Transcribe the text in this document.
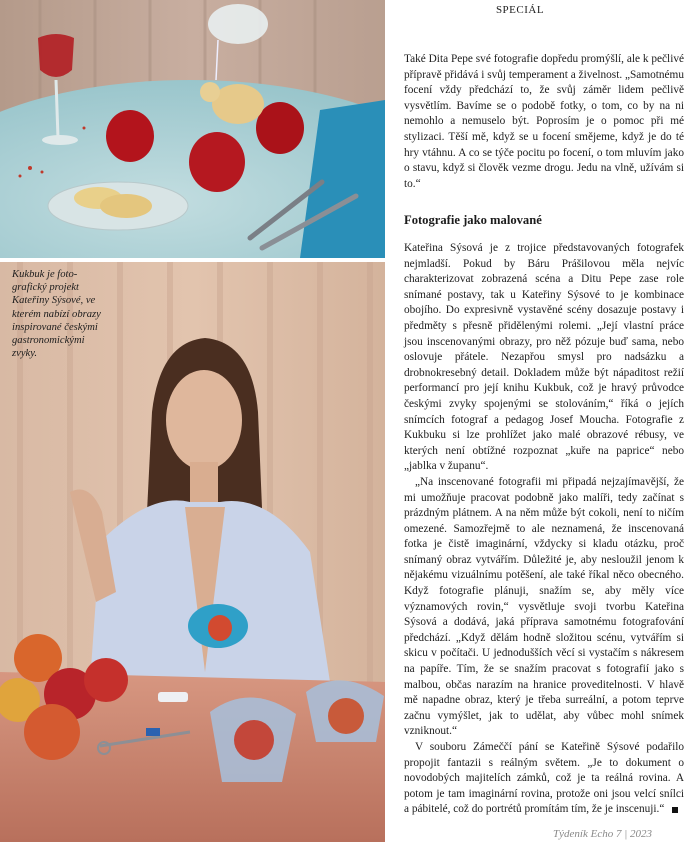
SPECIÁL
Kukbuk je foto-grafický projekt Kateřiny Sýsové, ve kterém nabízí obrazy inspirované českými gastronomickými zvyky.

Také Dita Pepe své fotografie dopředu promýšlí, ale k pečlivé přípravě přidává i svůj temperament a živelnost. „Samotnému focení vždy předchází to, že svůj záměr lidem pečlivě vysvětlím. Bavíme se o podobě fotky, o tom, co by na ni nemohlo a nemuselo být. Poprosím je o pomoc při mé stylizaci. Těší mě, když se u focení smějeme, když je do té hry vtáhnu. A co se týče pocitu po focení, o tom mluvím jako o stavu, když si člověk vezme drogu. Jedu na vlně, užívám si to.“

Fotografie jako malované

Kateřina Sýsová je z trojice představovaných fotografek nejmladší. Pokud by Báru Prášilovou měla nejvíc charakterizovat zobrazená scéna a Ditu Pepe zase role snímané postavy, tak u Kateřiny Sýsové to je kombinace obojího. Do expresivně vystavěné scény dosazuje postavy i předměty s přesně přidělenými rolemi. „Její vlastní práce jsou inscenovanými obrazy, pro něž pózuje buď sama, nebo oslovuje přátele. Nezapřou smysl pro nadsázku a drobnokresebný detail. Dokladem může být nápaditost režií performancí pro její knihu Kukbuk, což je hravý průvodce českými zvyky spojenými se stolováním,“ říká o jejích snímcích fotograf a pedagog Josef Moucha. Fotografie z Kukbuku si lze prohlížet jako malé obrazové rébusy, ve kterých není obtížné rozpoznat „kuře na paprice“ nebo „jablka v županu“.

„Na inscenované fotografii mi připadá nejzajímavější, že mi umožňuje pracovat podobně jako malíři, tedy začínat s prázdným plátnem. A na něm může být cokoli, není to ničím omezené. Samozřejmě to ale neznamená, že inscenovaná fotka je čistě imaginární, vždycky si kladu otázku, proč snímaný obraz vytvářím. Důležité je, aby nesloužil jenom k nějakému vizuálnímu potěšení, ale také říkal něco obecného. Když fotografie plánuji, snažím se, aby měly více významových rovin,“ vysvětluje svoji tvorbu Kateřina Sýsová a dodává, jaká příprava samotnému fotografování předchází. „Když dělám hodně složitou scénu, vytvářím si skicu v počítači. U jednodušších věcí si vystačím s nákresem na papíře. Tím, že se snažím pracovat s fotografií jako s malbou, občas narazím na hranice proveditelnosti. V hlavě mě napadne obraz, který je třeba surreální, a potom teprve začnu vymýšlet, jak to udělat, aby vůbec mohl snímek vzniknout.“

V souboru Zámeččí pání se Kateřině Sýsové podařilo propojit fantazii s reálným světem. „Je to dokument o novodobých majitelích zámků, což je ta reálná rovina. A potom je tam imaginární rovina, protože oni jsou velcí snílci a pábitelé, což do portrétů promítám tím, že je inscenuji.“

Týdeník Echo 7 | 2023
